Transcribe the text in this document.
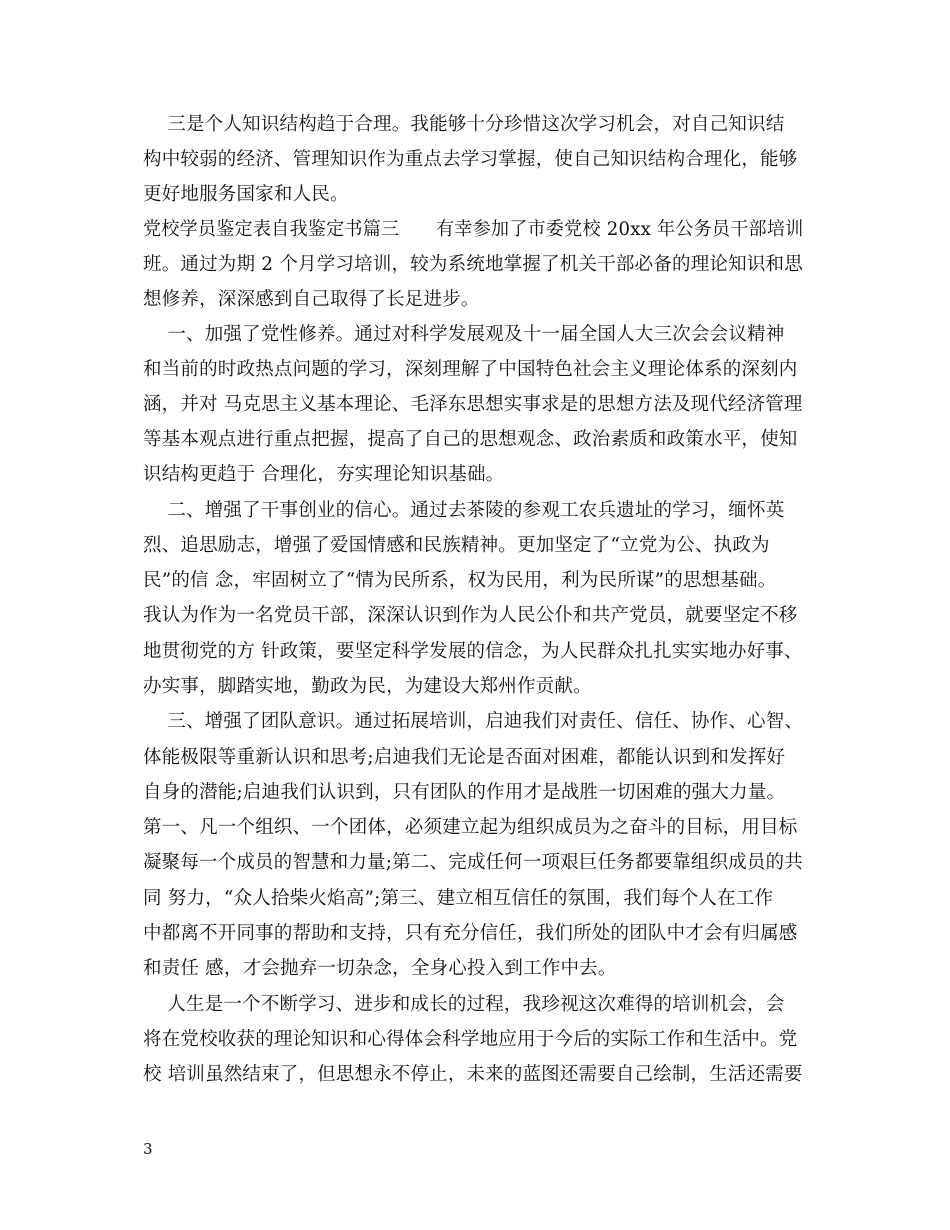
三是个人知识结构趋于合理。我能够十分珍惜这次学习机会，对自己知识结
构中较弱的经济、管理知识作为重点去学习掌握，使自己知识结构合理化，能够
更好地服务国家和人民。
党校学员鉴定表自我鉴定书篇三　　有幸参加了市委党校 20xx 年公务员干部培训
班。通过为期 2 个月学习培训，较为系统地掌握了机关干部必备的理论知识和思
想修养，深深感到自己取得了长足进步。
一、加强了党性修养。通过对科学发展观及十一届全国人大三次会会议精神
和当前的时政热点问题的学习，深刻理解了中国特色社会主义理论体系的深刻内
涵，并对 马克思主义基本理论、毛泽东思想实事求是的思想方法及现代经济管理
等基本观点进行重点把握，提高了自己的思想观念、政治素质和政策水平，使知
识结构更趋于 合理化，夯实理论知识基础。
二、增强了干事创业的信心。通过去茶陵的参观工农兵遗址的学习，缅怀英
烈、追思励志，增强了爱国情感和民族精神。更加坚定了“立党为公、执政为
民”的信 念，牢固树立了“情为民所系，权为民用，利为民所谋”的思想基础。
我认为作为一名党员干部，深深认识到作为人民公仆和共产党员，就要坚定不移
地贯彻党的方 针政策，要坚定科学发展的信念，为人民群众扎扎实实地办好事、
办实事，脚踏实地，勤政为民，为建设大郑州作贡献。
三、增强了团队意识。通过拓展培训，启迪我们对责任、信任、协作、心智、
体能极限等重新认识和思考;启迪我们无论是否面对困难，都能认识到和发挥好
自身的潜能;启迪我们认识到，只有团队的作用才是战胜一切困难的强大力量。
第一、凡一个组织、一个团体，必须建立起为组织成员为之奋斗的目标，用目标
凝聚每一个成员的智慧和力量;第二、完成任何一项艰巨任务都要靠组织成员的共
同 努力，“众人拾柴火焰高”;第三、建立相互信任的氛围，我们每个人在工作
中都离不开同事的帮助和支持，只有充分信任，我们所处的团队中才会有归属感
和责任 感，才会抛弃一切杂念，全身心投入到工作中去。
人生是一个不断学习、进步和成长的过程，我珍视这次难得的培训机会，会
将在党校收获的理论知识和心得体会科学地应用于今后的实际工作和生活中。党
校 培训虽然结束了，但思想永不停止，未来的蓝图还需要自己绘制，生活还需要
3
